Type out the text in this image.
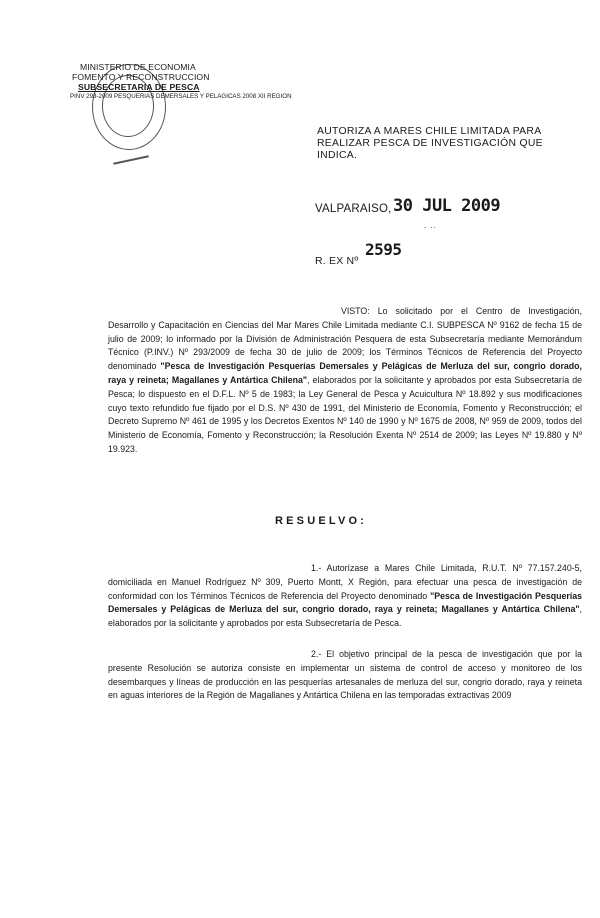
MINISTERIO DE ECONOMIA
FOMENTO Y RECONSTRUCCION
SUBSECRETARIA DE PESCA
PINV 293-2009 PESQUERIAS DEMERSALES Y PELAGICAS 2008 XII REGION
AUTORIZA A MARES CHILE LIMITADA PARA REALIZAR PESCA DE INVESTIGACIÓN QUE INDICA.
VALPARAISO, 30 JUL 2009
. ..
R. EX Nº
2595
VISTO: Lo solicitado por el Centro de Investigación, Desarrollo y Capacitación en Ciencias del Mar Mares Chile Limitada mediante C.I. SUBPESCA Nº 9162 de fecha 15 de julio de 2009; lo informado por la División de Administración Pesquera de esta Subsecretaría mediante Memorándum Técnico (P.INV.) Nº 293/2009 de fecha 30 de julio de 2009; los Términos Técnicos de Referencia del Proyecto denominado "Pesca de Investigación Pesquerías Demersales y Pelágicas de Merluza del sur, congrio dorado, raya y reineta; Magallanes y Antártica Chilena", elaborados por la solicitante y aprobados por esta Subsecretaría de Pesca; lo dispuesto en el D.F.L. Nº 5 de 1983; la Ley General de Pesca y Acuicultura Nº 18.892 y sus modificaciones cuyo texto refundido fue fijado por el D.S. Nº 430 de 1991, del Ministerio de Economía, Fomento y Reconstrucción; el Decreto Supremo Nº 461 de 1995 y los Decretos Exentos Nº 140 de 1990 y Nº 1675 de 2008, Nº 959 de 2009, todos del Ministerio de Economía, Fomento y Reconstrucción; la Resolución Exenta Nº 2514 de 2009; las Leyes Nº 19.880 y Nº 19.923.
RESUELVO:
1.- Autorízase a Mares Chile Limitada, R.U.T. Nº 77.157.240-5, domiciliada en Manuel Rodríguez Nº 309, Puerto Montt, X Región, para efectuar una pesca de investigación de conformidad con los Términos Técnicos de Referencia del Proyecto denominado "Pesca de Investigación Pesquerías Demersales y Pelágicas de Merluza del sur, congrio dorado, raya y reineta; Magallanes y Antártica Chilena", elaborados por la solicitante y aprobados por esta Subsecretaría de Pesca.
2.- El objetivo principal de la pesca de investigación que por la presente Resolución se autoriza consiste en implementar un sistema de control de acceso y monitoreo de los desembarques y líneas de producción en las pesquerías artesanales de merluza del sur, congrio dorado, raya y reineta en aguas interiores de la Región de Magallanes y Antártica Chilena en las temporadas extractivas 2009
